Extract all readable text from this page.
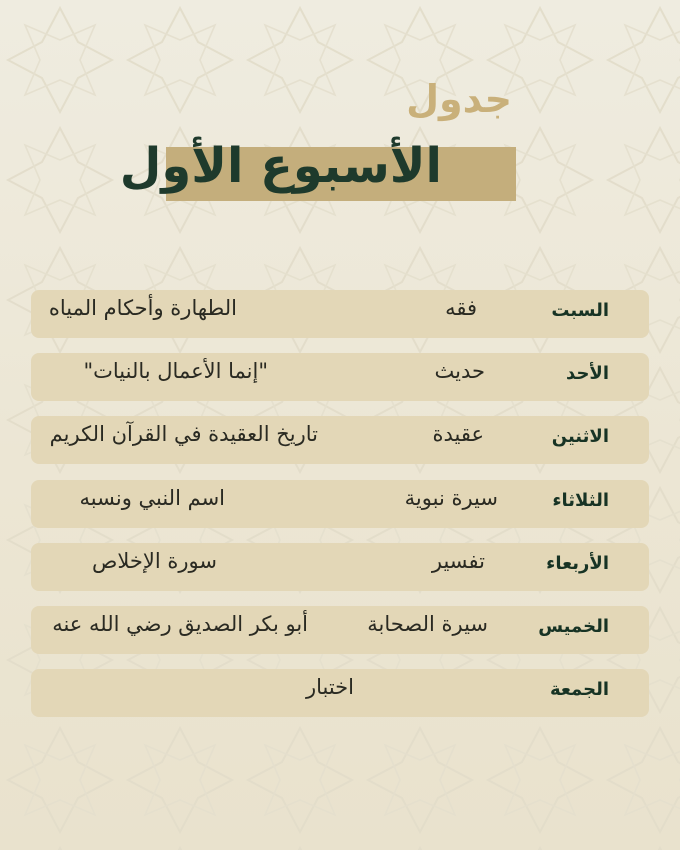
جدول
الأسبوع الأول
السبت
فقه
الطهارة وأحكام المياه
الأحد
حديث
"إنما الأعمال بالنيات"
الاثنين
عقيدة
تاريخ العقيدة في القرآن الكريم
الثلاثاء
سيرة نبوية
اسم النبي ونسبه
الأربعاء
تفسير
سورة الإخلاص
الخميس
سيرة الصحابة
أبو بكر الصديق رضي الله عنه
الجمعة
اختبار
